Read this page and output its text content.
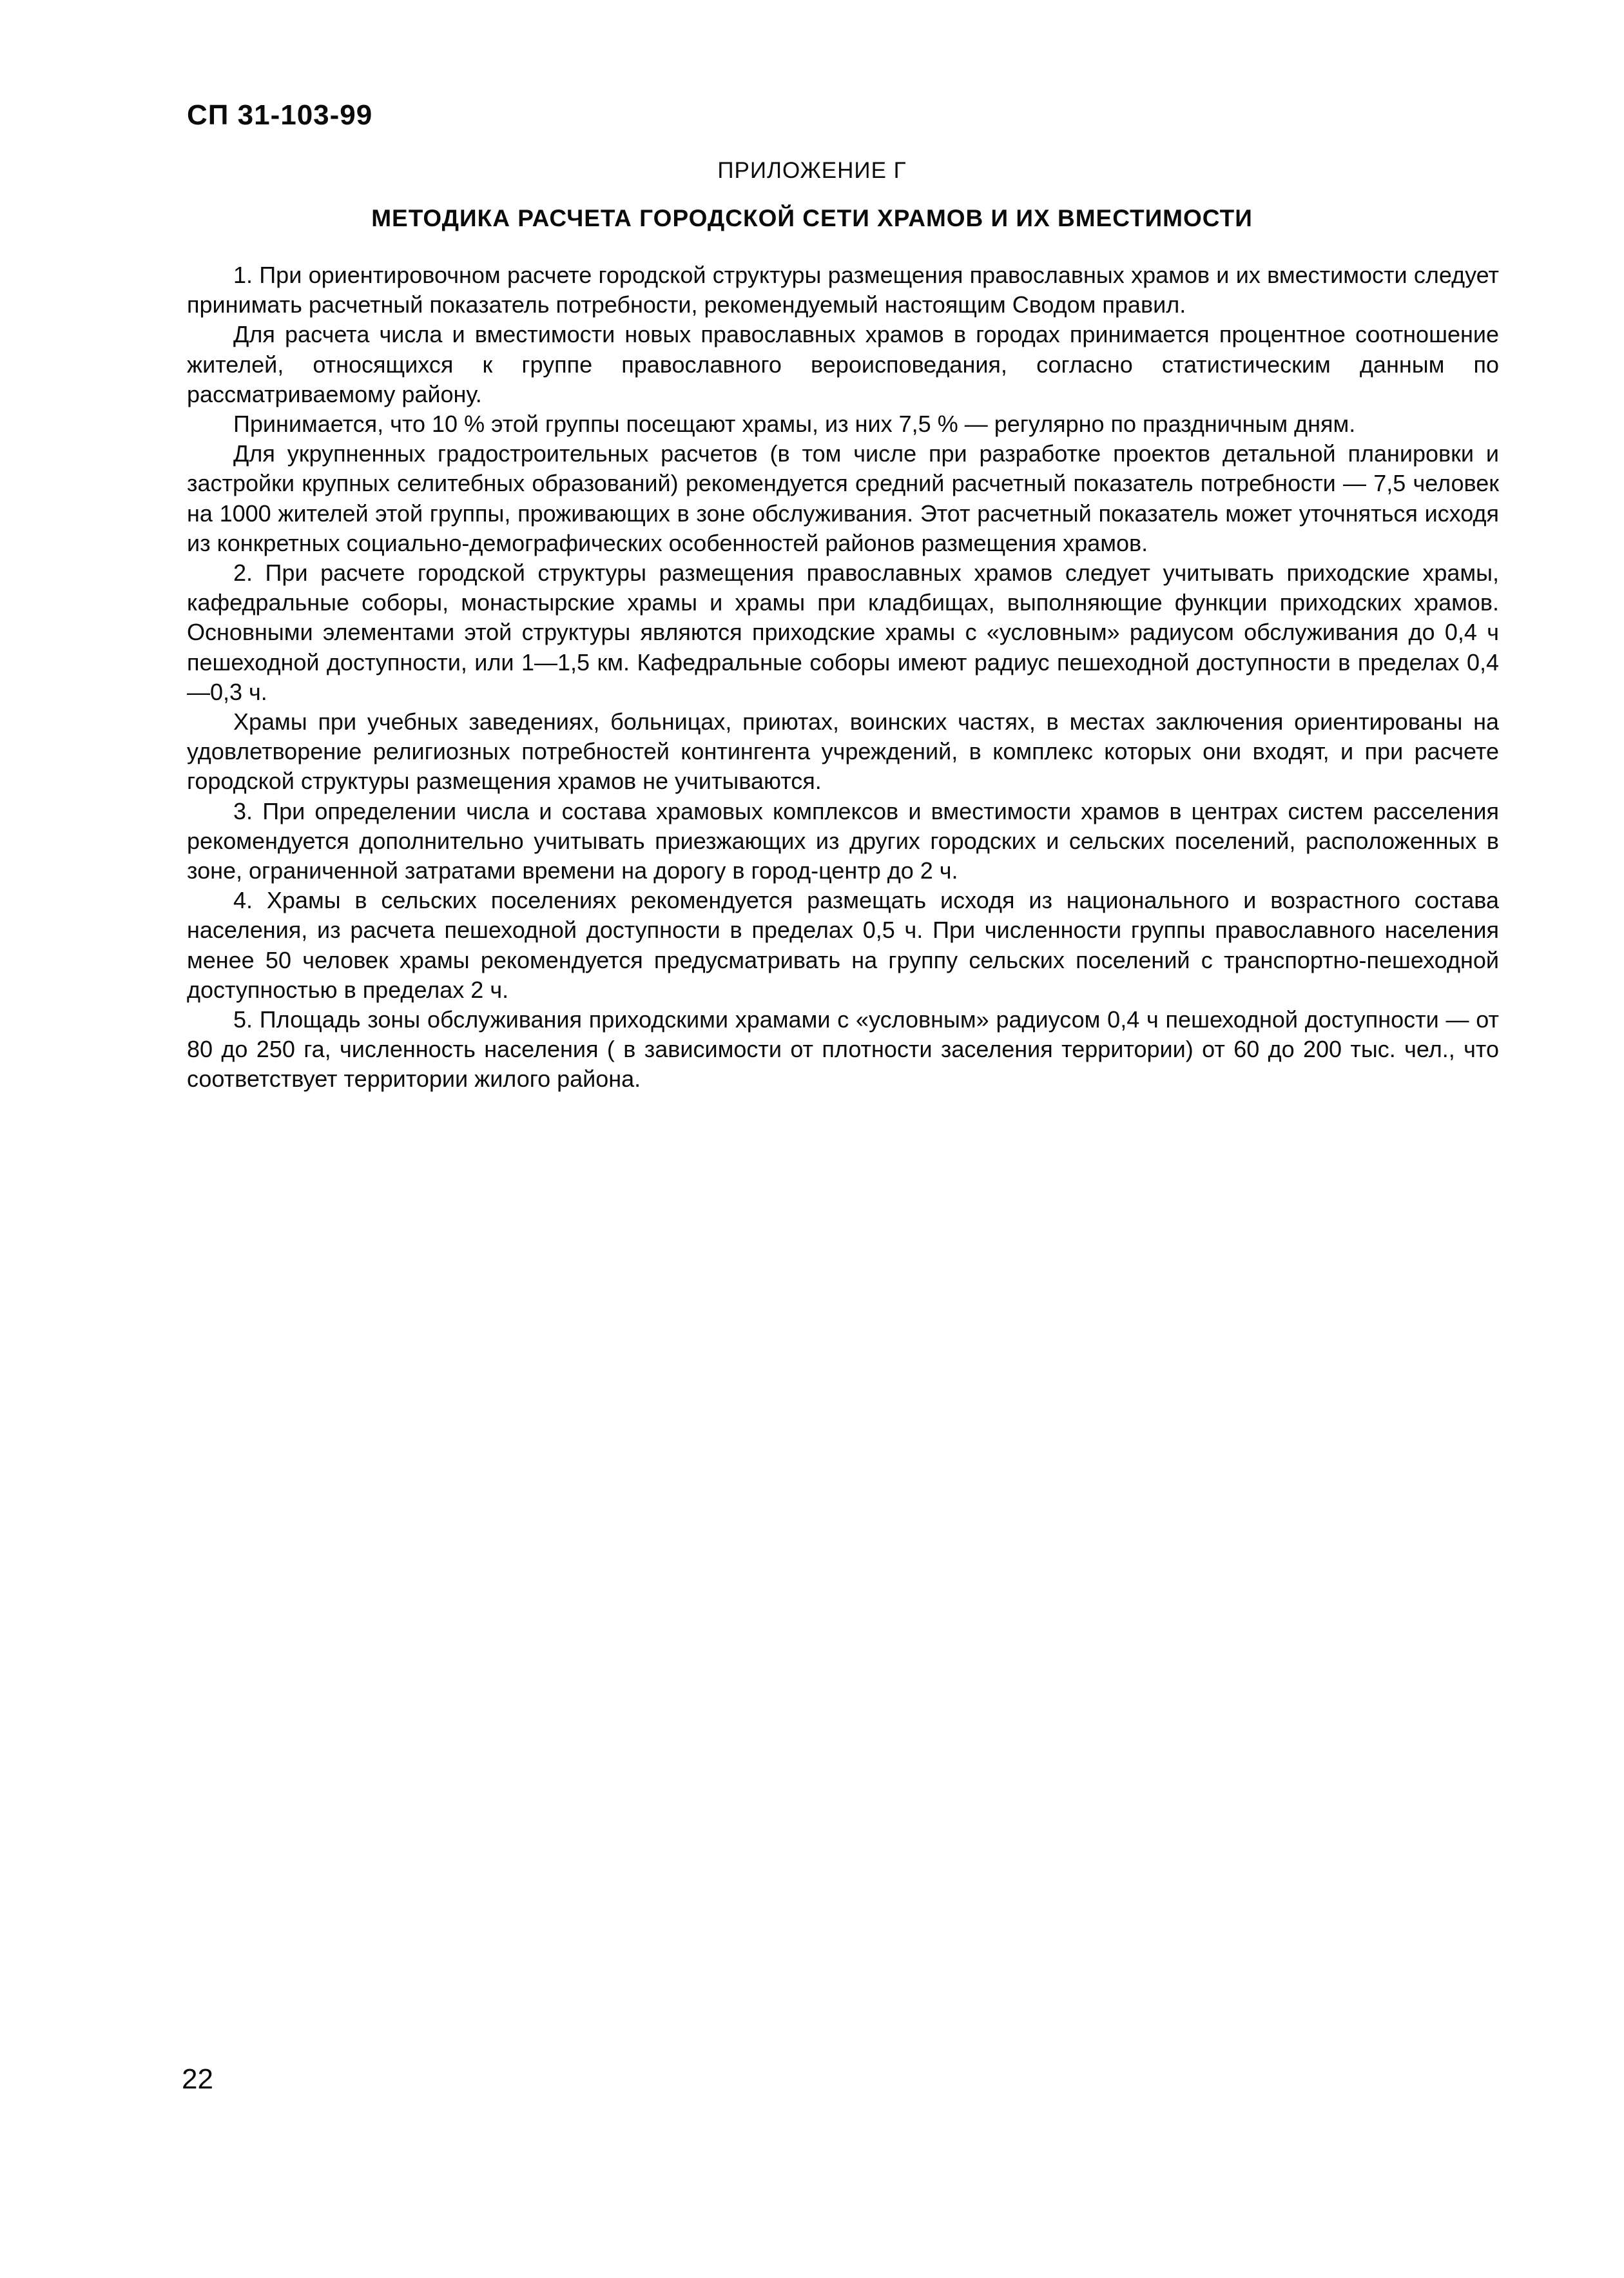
СП 31-103-99

ПРИЛОЖЕНИЕ Г

МЕТОДИКА РАСЧЕТА ГОРОДСКОЙ СЕТИ ХРАМОВ И ИХ ВМЕСТИМОСТИ

1. При ориентировочном расчете городской структуры размещения православных храмов и их вместимости следует принимать расчетный показатель потребности, рекомендуемый настоящим Сводом правил.

Для расчета числа и вместимости новых православных храмов в городах принимается процентное соотношение жителей, относящихся к группе православного вероисповедания, согласно статистическим данным по рассматриваемому району.

Принимается, что 10 % этой группы посещают храмы, из них 7,5 % — регулярно по праздничным дням.

Для укрупненных градостроительных расчетов (в том числе при разработке проектов детальной планировки и застройки крупных селитебных образований) рекомендуется средний расчетный показатель потребности — 7,5 человек на 1000 жителей этой группы, проживающих в зоне обслуживания. Этот расчетный показатель может уточняться исходя из конкретных социально-демографических особенностей районов размещения храмов.

2. При расчете городской структуры размещения православных храмов следует учитывать приходские храмы, кафедральные соборы, монастырские храмы и храмы при кладбищах, выполняющие функции приходских храмов. Основными элементами этой структуры являются приходские храмы с «условным» радиусом обслуживания до 0,4 ч пешеходной доступности, или 1—1,5 км. Кафедральные соборы имеют радиус пешеходной доступности в пределах 0,4—0,3 ч.

Храмы при учебных заведениях, больницах, приютах, воинских частях, в местах заключения ориентированы на удовлетворение религиозных потребностей контингента учреждений, в комплекс которых они входят, и при расчете городской структуры размещения храмов не учитываются.

3. При определении числа и состава храмовых комплексов и вместимости храмов в центрах систем расселения рекомендуется дополнительно учитывать приезжающих из других городских и сельских поселений, расположенных в зоне, ограниченной затратами времени на дорогу в город-центр до 2 ч.

4. Храмы в сельских поселениях рекомендуется размещать исходя из национального и возрастного состава населения, из расчета пешеходной доступности в пределах 0,5 ч. При численности группы православного населения менее 50 человек храмы рекомендуется предусматривать на группу сельских поселений с транспортно-пешеходной доступностью в пределах 2 ч.

5. Площадь зоны обслуживания приходскими храмами с «условным» радиусом 0,4 ч пешеходной доступности — от 80 до 250 га, численность населения ( в зависимости от плотности заселения территории) от 60 до 200 тыс. чел., что соответствует территории жилого района.

22
